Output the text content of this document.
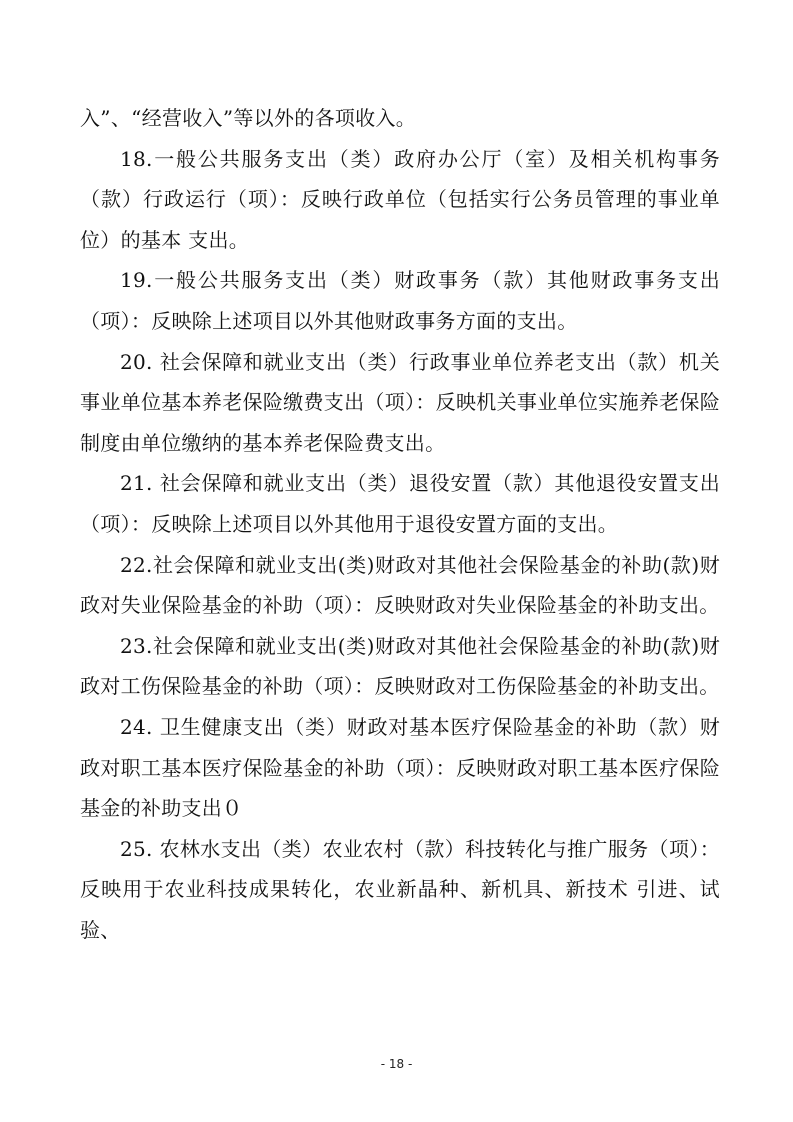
入”、“经营收入”等以外的各项收入。

18.一般公共服务支出（类）政府办公厅（室）及相关机构事务（款）行政运行（项）：反映行政单位（包括实行公务员管理的事业单位）的基本 支出。

19.一般公共服务支出（类）财政事务（款）其他财政事务支出（项）：反映除上述项目以外其他财政事务方面的支出。

20. 社会保障和就业支出（类）行政事业单位养老支出（款）机关事业单位基本养老保险缴费支出（项）：反映机关事业单位实施养老保险制度由单位缴纳的基本养老保险费支出。

21. 社会保障和就业支出（类）退役安置（款）其他退役安置支出（项）：反映除上述项目以外其他用于退役安置方面的支出。

22.社会保障和就业支出(类)财政对其他社会保险基金的补助(款)财政对失业保险基金的补助（项）：反映财政对失业保险基金的补助支出。

23.社会保障和就业支出(类)财政对其他社会保险基金的补助(款)财政对工伤保险基金的补助（项）：反映财政对工伤保险基金的补助支出。

24. 卫生健康支出（类）财政对基本医疗保险基金的补助（款）财政对职工基本医疗保险基金的补助（项）：反映财政对职工基本医疗保险基金的补助支出０

25. 农林水支出（类）农业农村（款）科技转化与推广服务（项）：反映用于农业科技成果转化，农业新晶种、新机具、新技术 引进、试验、

- 18 -
